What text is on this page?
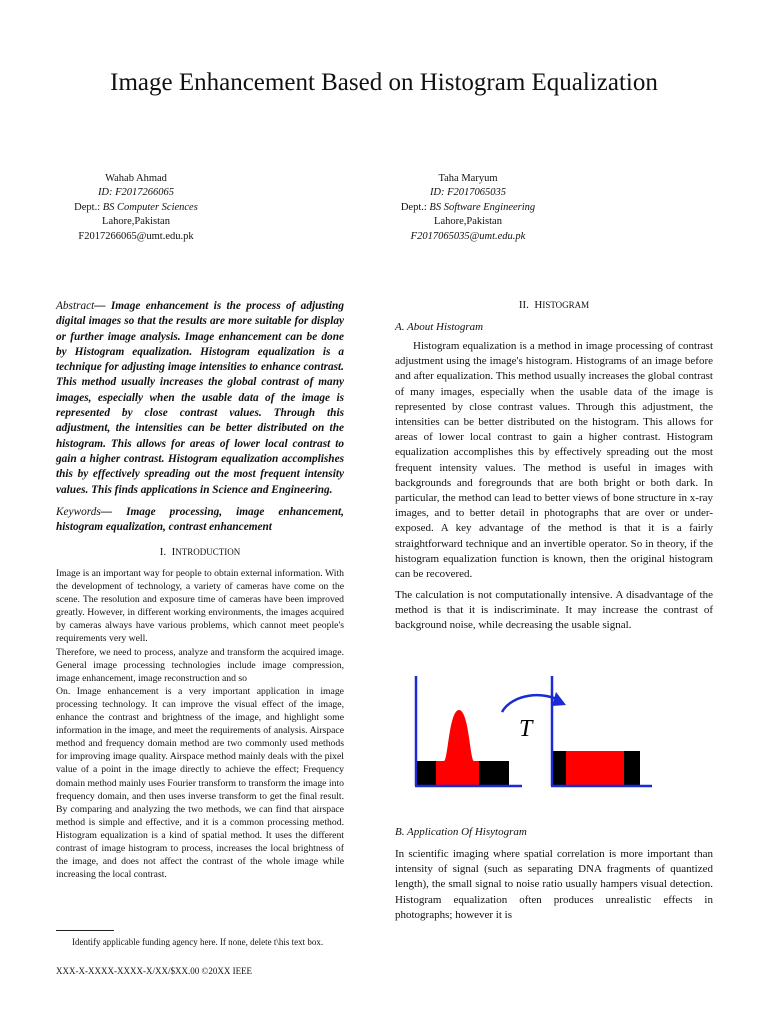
Image Enhancement Based on Histogram Equalization
Wahab Ahmad
ID: F2017266065
Dept.: BS Computer Sciences
Lahore,Pakistan
F2017266065@umt.edu.pk
Taha Maryum
ID: F2017065035
Dept.: BS Software Engineering
Lahore,Pakistan
F2017065035@umt.edu.pk

Abstract— Image enhancement is the process of adjusting digital images so that the results are more suitable for display or further image analysis. Image enhancement can be done by Histogram equalization. Histogram equalization is a technique for adjusting image intensities to enhance contrast. This method usually increases the global contrast of many images, especially when the usable data of the image is represented by close contrast values. Through this adjustment, the intensities can be better distributed on the histogram. This allows for areas of lower local contrast to gain a higher contrast. Histogram equalization accomplishes this by effectively spreading out the most frequent intensity values. This finds applications in Science and Engineering.

Keywords— Image processing, image enhancement, histogram equalization, contrast enhancement

I. INTRODUCTION

Image is an important way for people to obtain external information. With the development of technology, a variety of cameras have come on the scene. The resolution and exposure time of cameras have been improved greatly. However, in different working environments, the images acquired by cameras always have various problems, which cannot meet people's requirements very well.

Therefore, we need to process, analyze and transform the acquired image. General image processing technologies include image compression, image enhancement, image reconstruction and so

On. Image enhancement is a very important application in image processing technology. It can improve the visual effect of the image, enhance the contrast and brightness of the image, and highlight some information in the image, and meet the requirements of analysis. Airspace method and frequency domain method are two commonly used methods for improving image quality. Airspace method mainly deals with the pixel value of a point in the image directly to achieve the effect; Frequency domain method mainly uses Fourier transform to transform the image into frequency domain, and then uses inverse transform to get the final result. By comparing and analyzing the two methods, we can find that airspace method is simple and effective, and it is a common processing method. Histogram equalization is a kind of spatial method. It uses the different contrast of image histogram to process, increases the local brightness of the image, and does not affect the contrast of the whole image while increasing the local contrast.

II. HISTOGRAM
A. About Histogram

Histogram equalization is a method in image processing of contrast adjustment using the image's histogram. Histograms of an image before and after equalization. This method usually increases the global contrast of many images, especially when the usable data of the image is represented by close contrast values. Through this adjustment, the intensities can be better distributed on the histogram. This allows for areas of lower local contrast to gain a higher contrast. Histogram equalization accomplishes this by effectively spreading out the most frequent intensity values. The method is useful in images with backgrounds and foregrounds that are both bright or both dark. In particular, the method can lead to better views of bone structure in x-ray images, and to better detail in photographs that are over or under-exposed. A key advantage of the method is that it is a fairly straightforward technique and an invertible operator. So in theory, if the histogram equalization function is known, then the original histogram can be recovered.

The calculation is not computationally intensive. A disadvantage of the method is that it is indiscriminate. It may increase the contrast of background noise, while decreasing the usable signal.

T
B. Application Of Hisytogram

In scientific imaging where spatial correlation is more important than intensity of signal (such as separating DNA fragments of quantized length), the small signal to noise ratio usually hampers visual detection. Histogram equalization often produces unrealistic effects in photographs; however it is

Identify applicable funding agency here. If none, delete t\his text box.
XXX-X-XXXX-XXXX-X/XX/$XX.00 ©20XX IEEE
